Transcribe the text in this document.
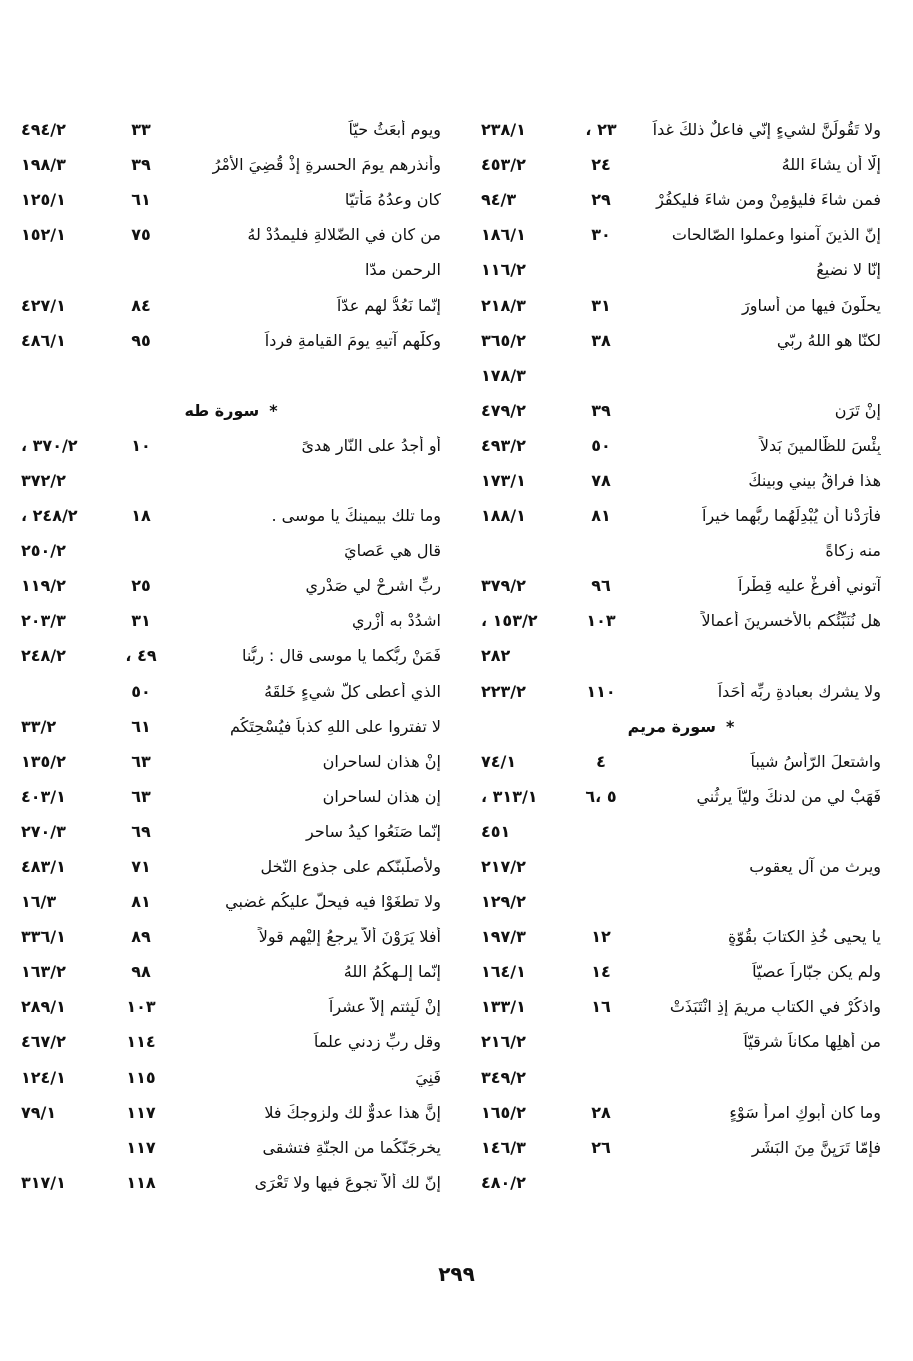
ولا تَقُولَنَّ لشيءٍ إنّي فاعلٌ ذلكَ غداً
٢٣ ،
٢٣٨/١
إلّا أن يشاءَ اللهُ
٢٤
٤٥٣/٢
فمن شاءَ فليؤمِنْ ومن شاءَ فليكفُرْ
٢٩
٩٤/٣
إنّ الذينَ آمنوا وعملوا الصّالحات
٣٠
١٨٦/١
إنّا لا نضيعُ
١١٦/٢
يحلّونَ فيها من أساورَ
٣١
٢١٨/٣
لكنّا هو اللهُ ربّي
٣٨
٣٦٥/٢
١٧٨/٣
إنْ تَرَنِ
٣٩
٤٧٩/٢
بِئْسَ للظّالمينَ بَدلاً
٥٠
٤٩٣/٢
هذا فراقُ بيني وبينكَ
٧٨
١٧٣/١
فأرَدْنا أن يُبْدِلَهُما ربُّهما خيراً
٨١
١٨٨/١
منه زكاةً
آتوني أُفرِغْ عليه قِطْراً
٩٦
٣٧٩/٢
هل نُنَبِّئُكم بالأخسرينَ أعمالاً
١٠٣
١٥٣/٢ ،
٢٨٢
ولا يشرك بعبادةِ ربِّه أحَداً
١١٠
٢٢٣/٢
*
سورة مريم
واشتعلَ الرّأسُ شيباً
٤
٧٤/١
فَهَبْ لي من لدنكَ وليّاً يرثُني
٥ ،٦
٣١٣/١ ،
٤٥١
ويرث من آل يعقوب
٢١٧/٢
١٢٩/٢
يا يحيى خُذِ الكتابَ بقُوّةٍ
١٢
١٩٧/٣
ولم يكن جبّاراً عصيّاً
١٤
١٦٤/١
واذكُرْ في الكتابِ مريمَ إذِ انْتَبَذَتْ
١٦
١٣٣/١
من أهلِها مكاناً شرقيّاً
٢١٦/٢
٣٤٩/٢
وما كان أبوكِ امرأ سَوْءٍ
٢٨
١٦٥/٢
فإمّا تَرَيِنَّ مِنَ البَشَرِ
٢٦
١٤٦/٣
٤٨٠/٢
ويوم أُبعَثُ حيّاً
٣٣
٤٩٤/٢
وأنذرهم يومَ الحسرةِ إذْ قُضِيَ الأمْرُ
٣٩
١٩٨/٣
كان وعدُهُ مَأتيّا
٦١
١٢٥/١
من كان في الضّلالةِ فليمدُدْ لهُ
٧٥
١٥٢/١
الرحمن مدّا
إنّما نَعُدُّ لهم عدّاً
٨٤
٤٢٧/١
وكلُّهم آتيهِ يومَ القيامةِ فرداً
٩٥
٤٨٦/١
*
سورة طه
أو أجدُ على النّارِ هدىً
١٠
٣٧٠/٢ ،
٣٧٢/٢
وما تلك بيمينكَ يا موسى .
١٨
٢٤٨/٢ ،
قال هي عَصايَ
٢٥٠/٢
ربِّ اشرحْ لي صَدْري
٢٥
١١٩/٢
اشدُدْ به أزْري
٣١
٢٠٣/٣
فَمَنْ ربُّكما يا موسى قال : ربُّنا
٤٩ ،
٢٤٨/٢
الذي أعطى كلَّ شيءٍ خَلقَهُ
٥٠
لا تفتروا على اللهِ كذباً فيُسْحِتَكُم
٦١
٣٣/٢
إنْ هذانِ لساحرانِ
٦٣
١٣٥/٢
إن هذان لساحران
٦٣
٤٠٣/١
إنّما صَنَعُوا كيدُ ساحرٍ
٦٩
٢٧٠/٣
ولأصلّبنّكم على جذوعِ النّخلِ
٧١
٤٨٣/١
ولا تطغَوْا فيه فيحلَّ عليكُم غضبي
٨١
١٦/٣
أفلا يَرَوْنَ ألاّ يرجعُ إليْهم قولاً
٨٩
٣٣٦/١
إنّما إلـهكُمُ اللهُ
٩٨
١٦٣/٢
إنْ لَبِثتم إلاّ عشراً
١٠٣
٢٨٩/١
وقل ربِّ زدني علماً
١١٤
٤٦٧/٢
فَنِيَ
١١٥
١٢٤/١
إنَّ هذا عدوٌّ لك ولزوجكَ فلا
١١٧
٧٩/١
يخرجَنّكُما من الجنّةِ فتشقى
١١٧
إنّ لك ألاّ تجوعَ فيها ولا تَعْرَى
١١٨
٣١٧/١
٢٩٩
